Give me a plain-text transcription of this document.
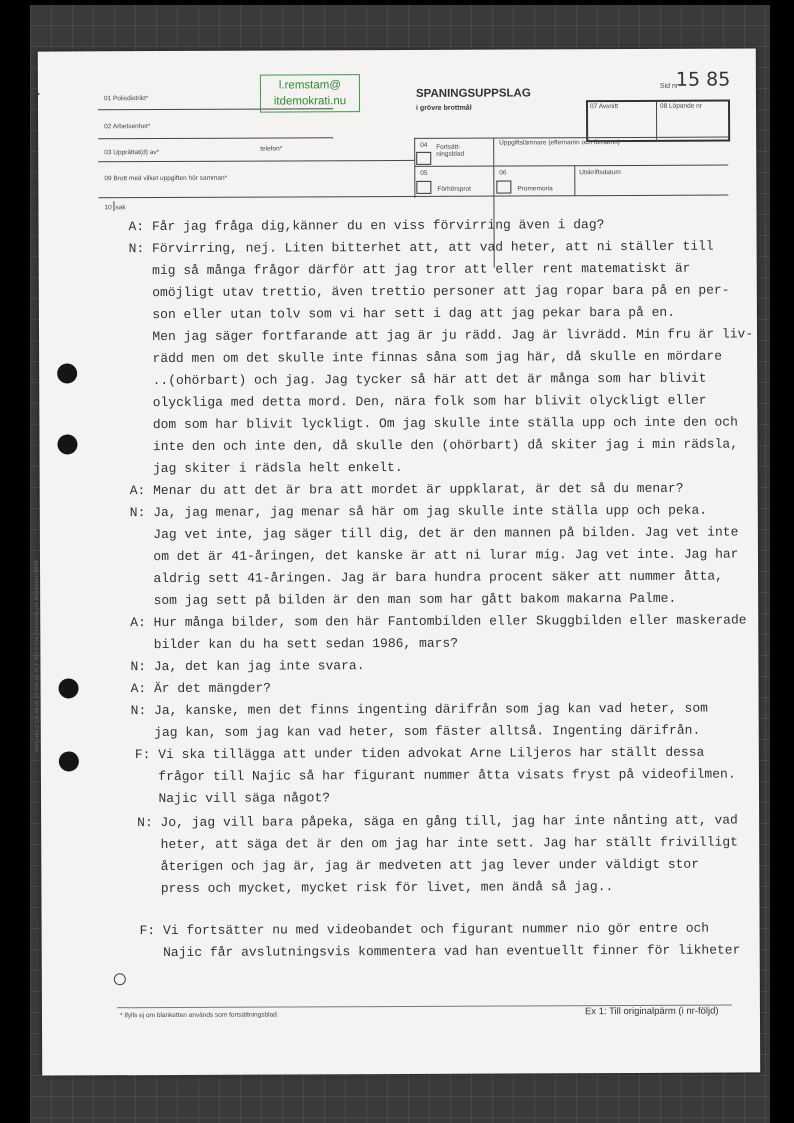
• •
01 Polisdistrikt*
02 Arbetsenhet*
03 Upprättat(d) av*	telefon*
l.remstam@
itdemokrati.nu
SPANINGSUPPSLAG
i grövre brottmål
Sid nr
15 85
07 Avsnitt	08 Löpande nr
04 Fortsätt-
ningsblad
Uppgiftslämnare (efternamn och förnamn)
05
Förhörsprot
06
Promemoria
Utskriftsdatum
09 Brott med vilket uppgiften hör samman*
10 sak
A: Får jag fråga dig,känner du en viss förvirring även i dag?
N: Förvirring, nej. Liten bitterhet att, att vad heter, att ni ställer till
mig så många frågor därför att jag tror att eller rent matematiskt är
omöjligt utav trettio, även trettio personer att jag ropar bara på en per-
son eller utan tolv som vi har sett i dag att jag pekar bara på en.
Men jag säger fortfarande att jag är ju rädd. Jag är livrädd. Min fru är liv-
rädd men om det skulle inte finnas såna som jag här, då skulle en mördare
..(ohörbart) och jag. Jag tycker så här att det är många som har blivit
olyckliga med detta mord. Den, nära folk som har blivit olyckligt eller
dom som har blivit lyckligt. Om jag skulle inte ställa upp och inte den och
inte den och inte den, då skulle den (ohörbart) då skiter jag i min rädsla,
jag skiter i rädsla helt enkelt.
A: Menar du att det är bra att mordet är uppklarat, är det så du menar?
N: Ja, jag menar, jag menar så här om jag skulle inte ställa upp och peka.
Jag vet inte, jag säger till dig, det är den mannen på bilden. Jag vet inte
om det är 41-åringen, det kanske är att ni lurar mig. Jag vet inte. Jag har
aldrig sett 41-åringen. Jag är bara hundra procent säker att nummer åtta,
som jag sett på bilden är den man som har gått bakom makarna Palme.
A: Hur många bilder, som den här Fantombilden eller Skuggbilden eller maskerade
bilder kan du ha sett sedan 1986, mars?
N: Ja, det kan jag inte svara.
A: Är det mängder?
N: Ja, kanske, men det finns ingenting därifrån som jag kan vad heter, som
jag kan, som jag kan vad heter, som fäster alltså. Ingenting därifrån.
F: Vi ska tillägga att under tiden advokat Arne Liljeros har ställt dessa
frågor till Najic så har figurant nummer åtta visats fryst på videofilmen.
Najic vill säga något?
N: Jo, jag vill bara påpeka, säga en gång till, jag har inte nånting att, vad
heter, att säga det är den om jag har inte sett. Jag har ställt frivilligt
återigen och jag är, jag är medveten att jag lever under väldigt stor
press och mycket, mycket risk för livet, men ändå så jag..
F: Vi fortsätter nu med videobandet och figurant nummer nio gör entre och
Najic får avslutningsvis kommentera vad han eventuellt finner för likheter
RPS 463.2 1-4 88-01 25 000 ex RLF 400 6 004 Ekonomitryck Blanketten 8008
* Ifylls ej om blanketten används som fortsättningsblad.	Ex 1: Till originalpärm (i nr-följd)
